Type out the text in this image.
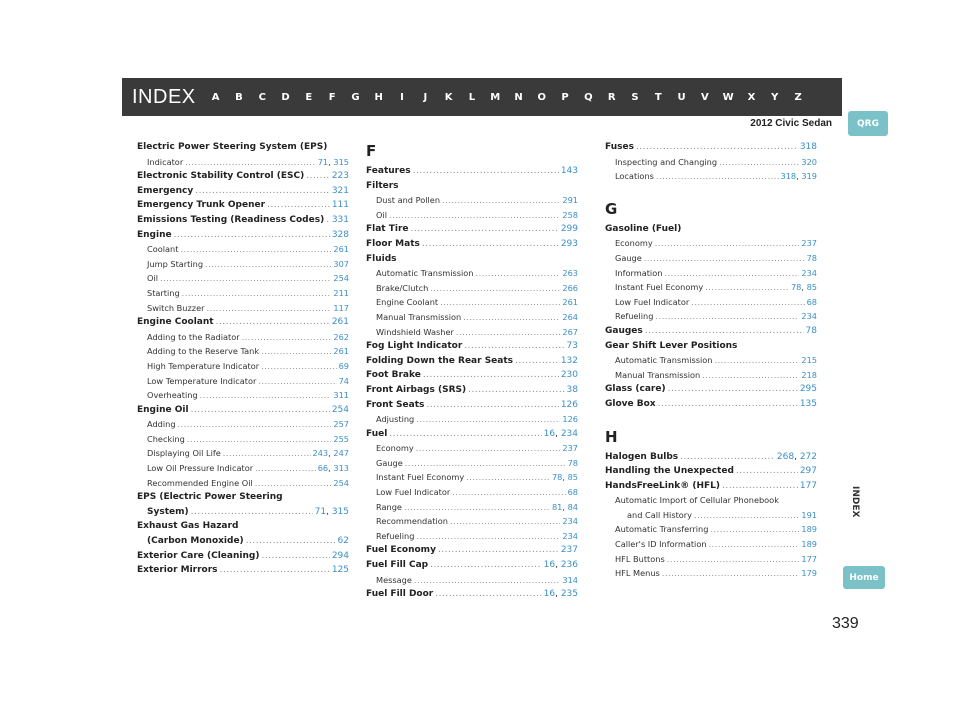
INDEX	A	B	C	D	E	F	G	H	I	J	K	L	M	N	O	P	Q	R	S	T	U	V	W	X	Y	Z
2012 Civic Sedan	QRG
Home
INDEX
339
Electric Power Steering System (EPS)
Indicator .....	71, 315
Electronic Stability Control (ESC) .....	223
Emergency .....	321
Emergency Trunk Opener .....	111
Emissions Testing (Readiness Codes) ..... 331
Engine .....	328
Coolant .....	261
Jump Starting .....	307
Oil .....	254
Starting .....	211
Switch Buzzer .....	117
Engine Coolant .....	261
Adding to the Radiator .....	262
Adding to the Reserve Tank .....	261
High Temperature Indicator .....	69
Low Temperature Indicator .....	74
Overheating .....	311
Engine Oil .....	254
Adding .....	257
Checking .....	255
Displaying Oil Life .....	243, 247
Low Oil Pressure Indicator .....	66, 313
Recommended Engine Oil .....	254
EPS (Electric Power Steering
System) .....	71, 315
Exhaust Gas Hazard
(Carbon Monoxide) .....	62
Exterior Care (Cleaning) .....	294
Exterior Mirrors .....	125
F
Features .....	143
Filters
Dust and Pollen .....	291
Oil .....	258
Flat Tire .....	299
Floor Mats .....	293
Fluids
Automatic Transmission .....	263
Brake/Clutch .....	266
Engine Coolant .....	261
Manual Transmission .....	264
Windshield Washer .....	267
Fog Light Indicator .....	73
Folding Down the Rear Seats .....	132
Foot Brake .....	230
Front Airbags (SRS) .....	38
Front Seats .....	126
Adjusting .....	126
Fuel .....	16, 234
Economy .....	237
Gauge .....	78
Instant Fuel Economy .....	78, 85
Low Fuel Indicator .....	68
Range .....	81, 84
Recommendation .....	234
Refueling .....	234
Fuel Economy .....	237
Fuel Fill Cap .....	16, 236
Message .....	314
Fuel Fill Door .....	16, 235
Fuses .....	318
Inspecting and Changing .....	320
Locations .....	318, 319
G
Gasoline (Fuel)
Economy .....	237
Gauge .....	78
Information .....	234
Instant Fuel Economy .....	78, 85
Low Fuel Indicator .....	68
Refueling .....	234
Gauges .....	78
Gear Shift Lever Positions
Automatic Transmission .....	215
Manual Transmission .....	218
Glass (care) .....	295
Glove Box .....	135
H
Halogen Bulbs .....	268, 272
Handling the Unexpected .....	297
HandsFreeLink® (HFL) .....	177
Automatic Import of Cellular Phonebook
and Call History .....	191
Automatic Transferring .....	189
Caller's ID Information .....	189
HFL Buttons .....	177
HFL Menus .....	179
